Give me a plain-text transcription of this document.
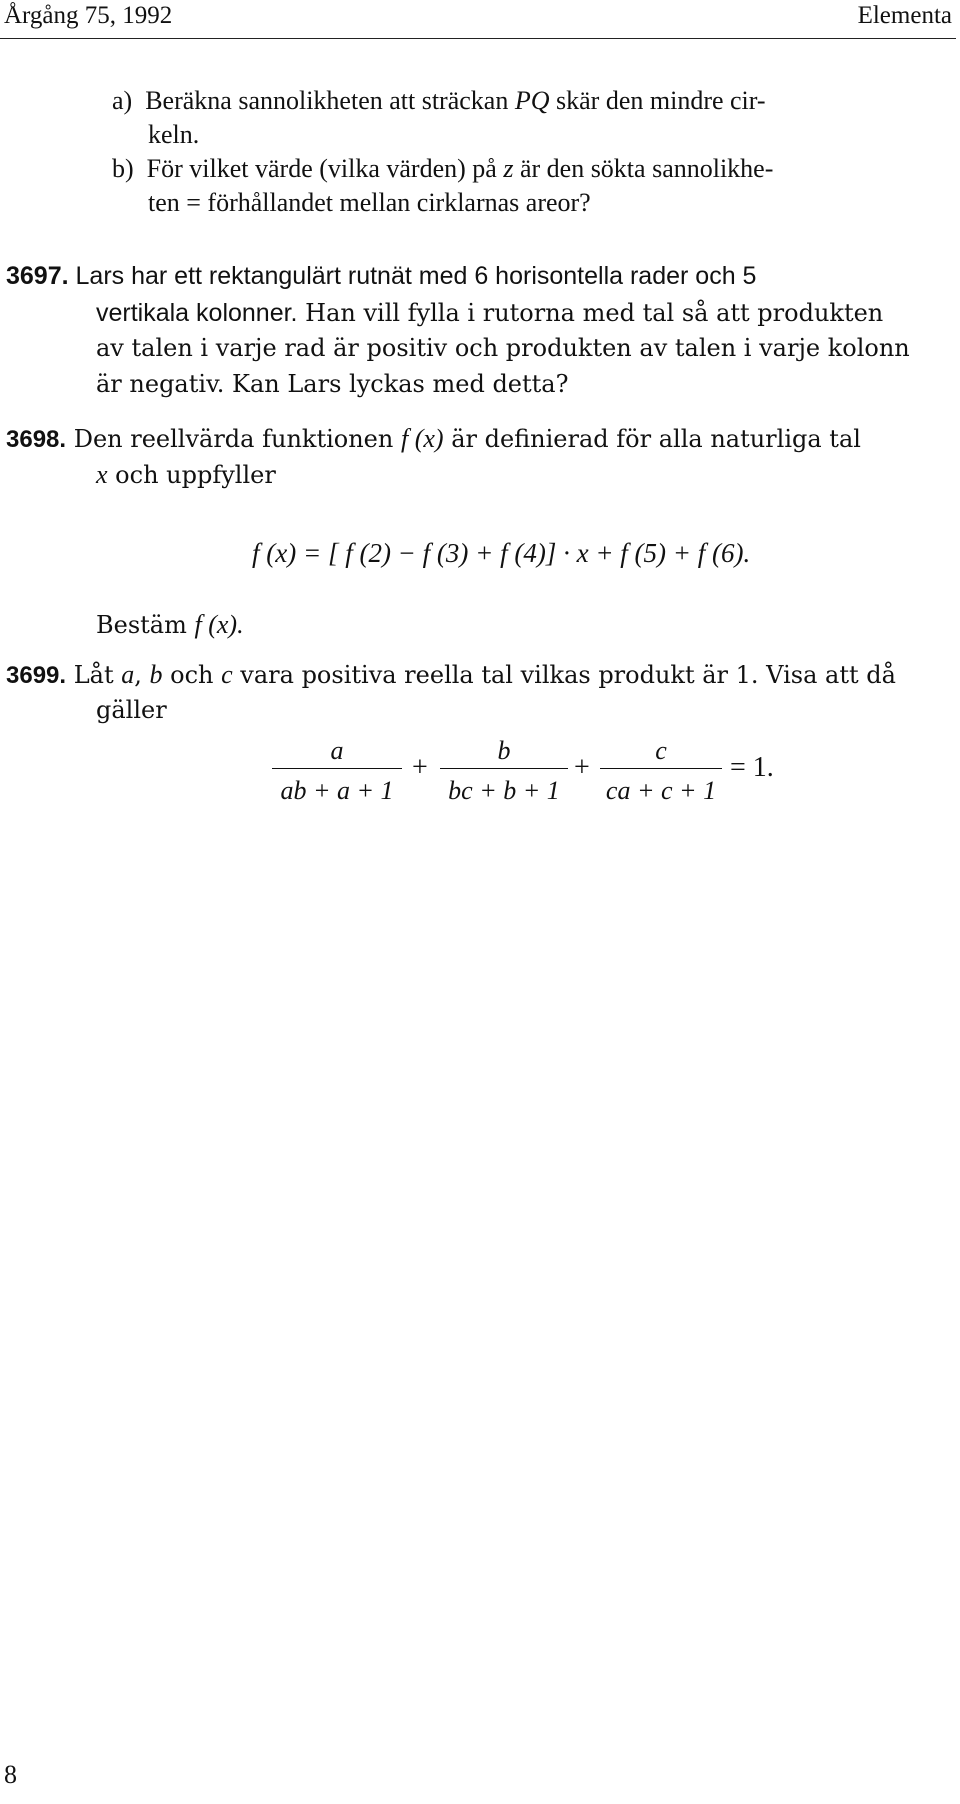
Årgång 75, 1992	Elementa
a) Beräkna sannolikheten att sträckan PQ skär den mindre cir-
keln.
b) För vilket värde (vilka värden) på z är den sökta sannolikhe-
ten = förhållandet mellan cirklarnas areor?
3697. Lars har ett rektangulärt rutnät med 6 horisontella rader och 5
vertikala kolonner. Han vill fylla i rutorna med tal så att produkten
av talen i varje rad är positiv och produkten av talen i varje kolonn
är negativ. Kan Lars lyckas med detta?
3698. Den reellvärda funktionen f (x) är definierad för alla naturliga tal
x och uppfyller
f (x) = [ f (2) − f (3) + f (4)] · x + f (5) + f (6).
Bestäm f (x).
3699. Låt a, b och c vara positiva reella tal vilkas produkt är 1. Visa att då
gäller
a
ab + a + 1
+
b
bc + b + 1
+
c
ca + c + 1
= 1.
8
